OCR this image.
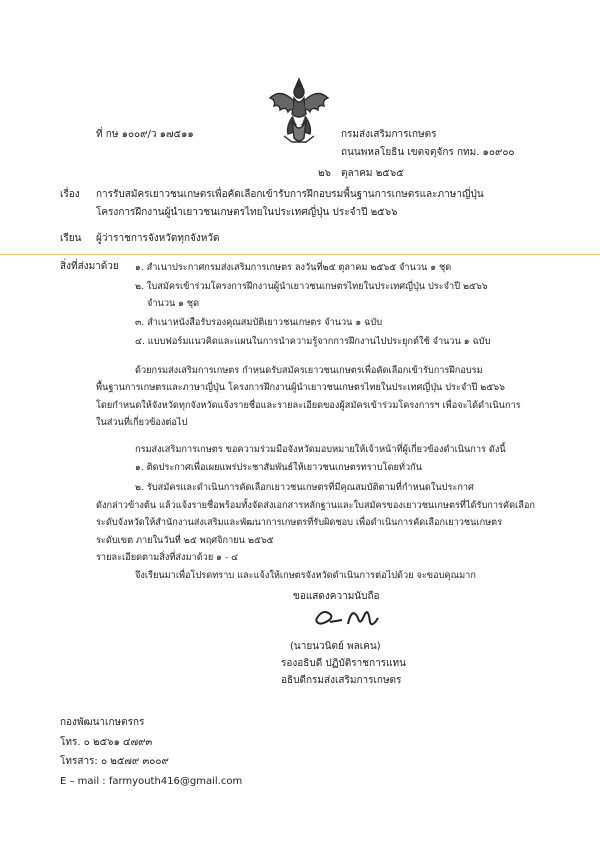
ที่ กษ ๑๐๐๙/ว ๑๗๕๑๑	กรมส่งเสริมการเกษตร
ถนนพหลโยธิน เขตจตุจักร กทม. ๑๐๙๐๐
๒๖ ตุลาคม ๒๕๖๕
เรื่อง การรับสมัครเยาวชนเกษตรเพื่อคัดเลือกเข้ารับการฝึกอบรมพื้นฐานการเกษตรและภาษาญี่ปุ่น
โครงการฝึกงานผู้นำเยาวชนเกษตรไทยในประเทศญี่ปุ่น ประจำปี ๒๕๖๖
เรียน ผู้ว่าราชการจังหวัดทุกจังหวัด
สิ่งที่ส่งมาด้วย ๑. สำเนาประกาศกรมส่งเสริมการเกษตร ลงวันที่๒๕ ตุลาคม ๒๕๖๕ จำนวน ๑ ชุด
๒. ใบสมัครเข้าร่วมโครงการฝึกงานผู้นำเยาวชนเกษตรไทยในประเทศญี่ปุ่น ประจำปี ๒๕๖๖
จำนวน ๑ ชุด
๓. สำเนาหนังสือรับรองคุณสมบัติเยาวชนเกษตร จำนวน ๑ ฉบับ
๔. แบบฟอร์มแนวคิดและแผนในการนำความรู้จากการฝึกงานไปประยุกต์ใช้ จำนวน ๑ ฉบับ
ด้วยกรมส่งเสริมการเกษตร กำหนดรับสมัครเยาวชนเกษตรเพื่อคัดเลือกเข้ารับการฝึกอบรม
พื้นฐานการเกษตรและภาษาญี่ปุ่น โครงการฝึกงานผู้นำเยาวชนเกษตรไทยในประเทศญี่ปุ่น ประจำปี ๒๕๖๖
โดยกำหนดให้จังหวัดทุกจังหวัดแจ้งรายชื่อและรายละเอียดของผู้สมัครเข้าร่วมโครงการฯ เพื่อจะได้ดำเนินการ
ในส่วนที่เกี่ยวข้องต่อไป
กรมส่งเสริมการเกษตร ขอความร่วมมือจังหวัดมอบหมายให้เจ้าหน้าที่ผู้เกี่ยวข้องดำเนินการ ดังนี้
๑. ติดประกาศเพื่อเผยแพร่ประชาสัมพันธ์ให้เยาวชนเกษตรทราบโดยทั่วกัน
๒. รับสมัครและดำเนินการคัดเลือกเยาวชนเกษตรที่มีคุณสมบัติตามที่กำหนดในประกาศ
ดังกล่าวข้างต้น แล้วแจ้งรายชื่อพร้อมทั้งจัดส่งเอกสารหลักฐานและใบสมัครของเยาวชนเกษตรที่ได้รับการคัดเลือก
ระดับจังหวัดให้สำนักงานส่งเสริมและพัฒนาการเกษตรที่รับผิดชอบ เพื่อดำเนินการคัดเลือกเยาวชนเกษตร
ระดับเขต ภายในวันที่ ๒๕ พฤศจิกายน ๒๕๖๕
รายละเอียดตามสิ่งที่ส่งมาด้วย ๑ - ๔
จึงเรียนมาเพื่อโปรดทราบ และแจ้งให้เกษตรจังหวัดดำเนินการต่อไปด้วย จะขอบคุณมาก
ขอแสดงความนับถือ
(นายนวนิตย์ พลเคน)
รองอธิบดี ปฏิบัติราชการแทน
อธิบดีกรมส่งเสริมการเกษตร
กองพัฒนาเกษตรกร
โทร. ๐ ๒๕๖๑ ๔๗๙๓
โทรสาร: ๐ ๒๕๗๙ ๓๐๐๙
E – mail : farmyouth416@gmail.com
